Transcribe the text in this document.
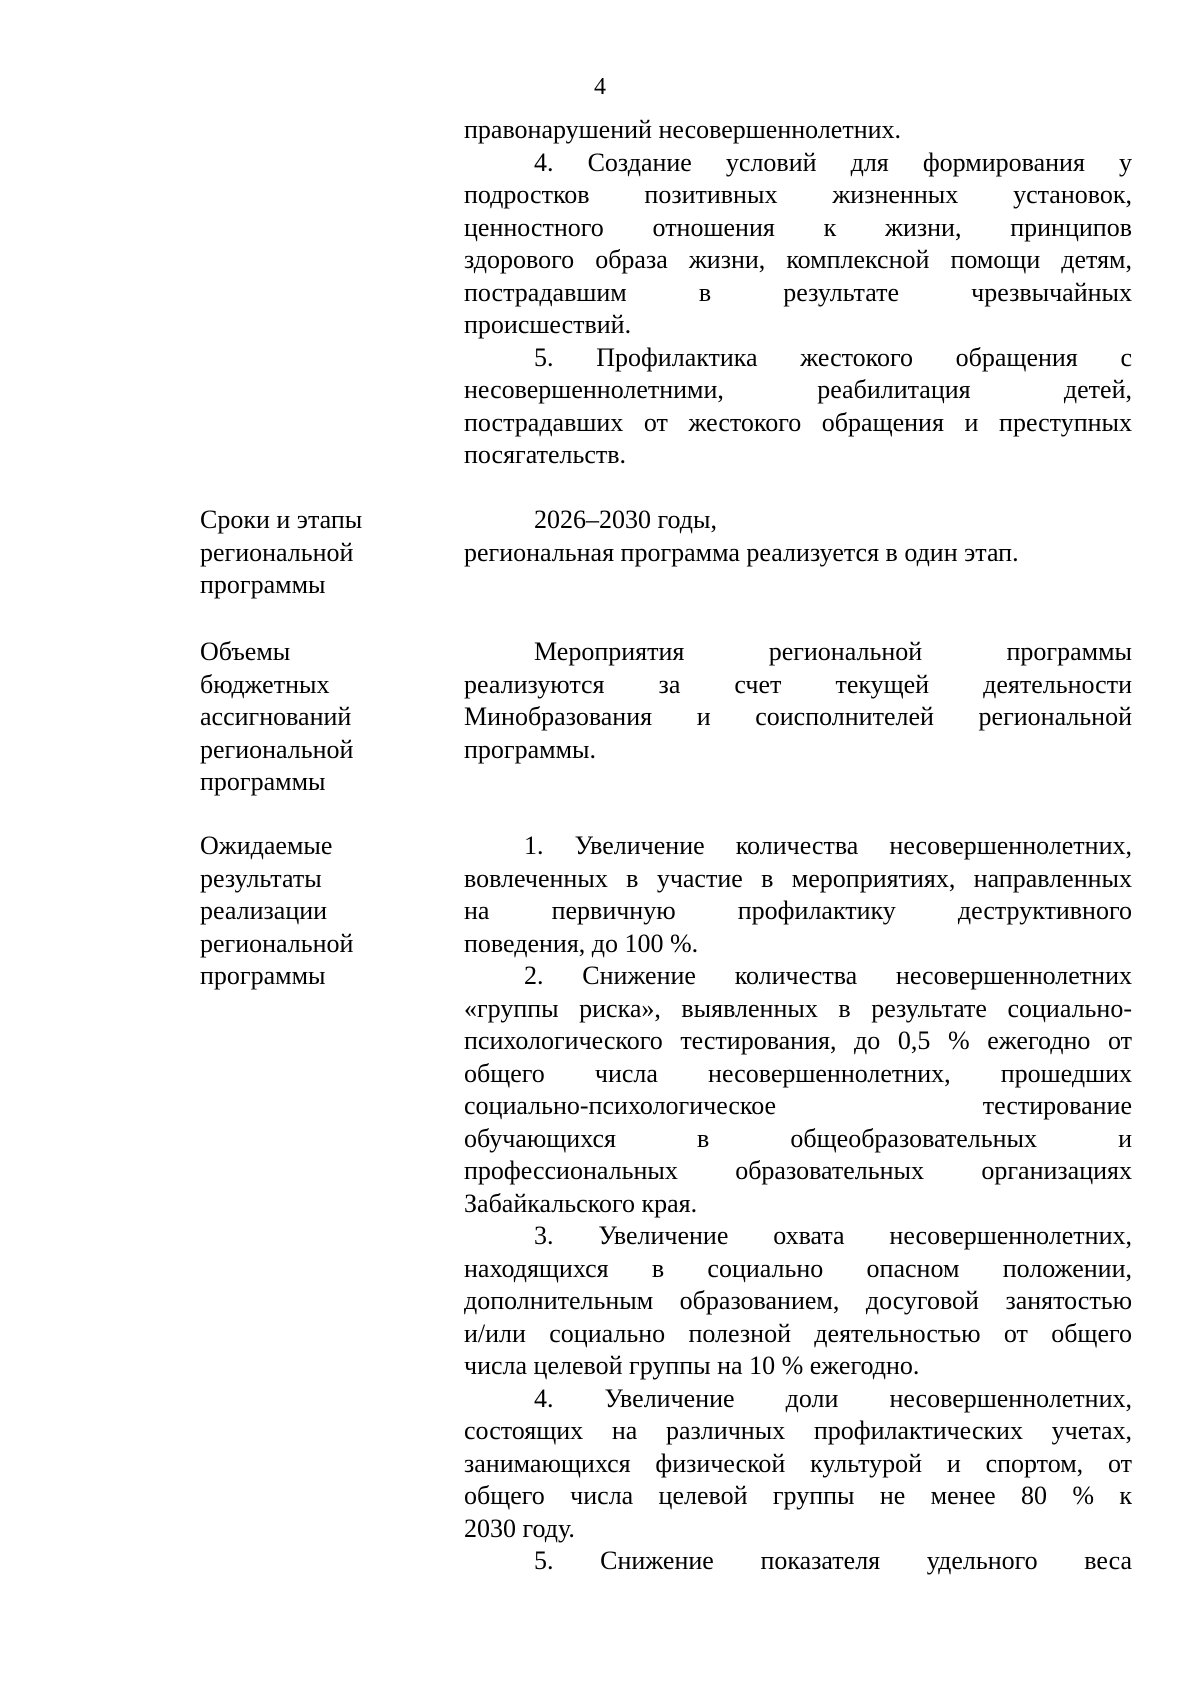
4
правонарушений несовершеннолетних.
4. Создание условий для формирования у
подростков позитивных жизненных установок,
ценностного отношения к жизни, принципов
здорового образа жизни, комплексной помощи детям,
пострадавшим в результате чрезвычайных
происшествий.
5. Профилактика жестокого обращения с
несовершеннолетними, реабилитация детей,
пострадавших от жестокого обращения и преступных
посягательств.
Сроки и этапы
региональной
программы
2026–2030 годы,
региональная программа реализуется в один этап.
Объемы
бюджетных
ассигнований
региональной
программы
Мероприятия региональной программы
реализуются за счет текущей деятельности
Минобразования и соисполнителей региональной
программы.
Ожидаемые
результаты
реализации
региональной
программы
1. Увеличение количества несовершеннолетних,
вовлеченных в участие в мероприятиях, направленных
на первичную профилактику деструктивного
поведения, до 100 %.
2. Снижение количества несовершеннолетних
«группы риска», выявленных в результате социально-
психологического тестирования, до 0,5 % ежегодно от
общего числа несовершеннолетних, прошедших
социально-психологическое тестирование
обучающихся в общеобразовательных и
профессиональных образовательных организациях
Забайкальского края.
3. Увеличение охвата несовершеннолетних,
находящихся в социально опасном положении,
дополнительным образованием, досуговой занятостью
и/или социально полезной деятельностью от общего
числа целевой группы на 10 % ежегодно.
4. Увеличение доли несовершеннолетних,
состоящих на различных профилактических учетах,
занимающихся физической культурой и спортом, от
общего числа целевой группы не менее 80 % к
2030 году.
5. Снижение показателя удельного веса
